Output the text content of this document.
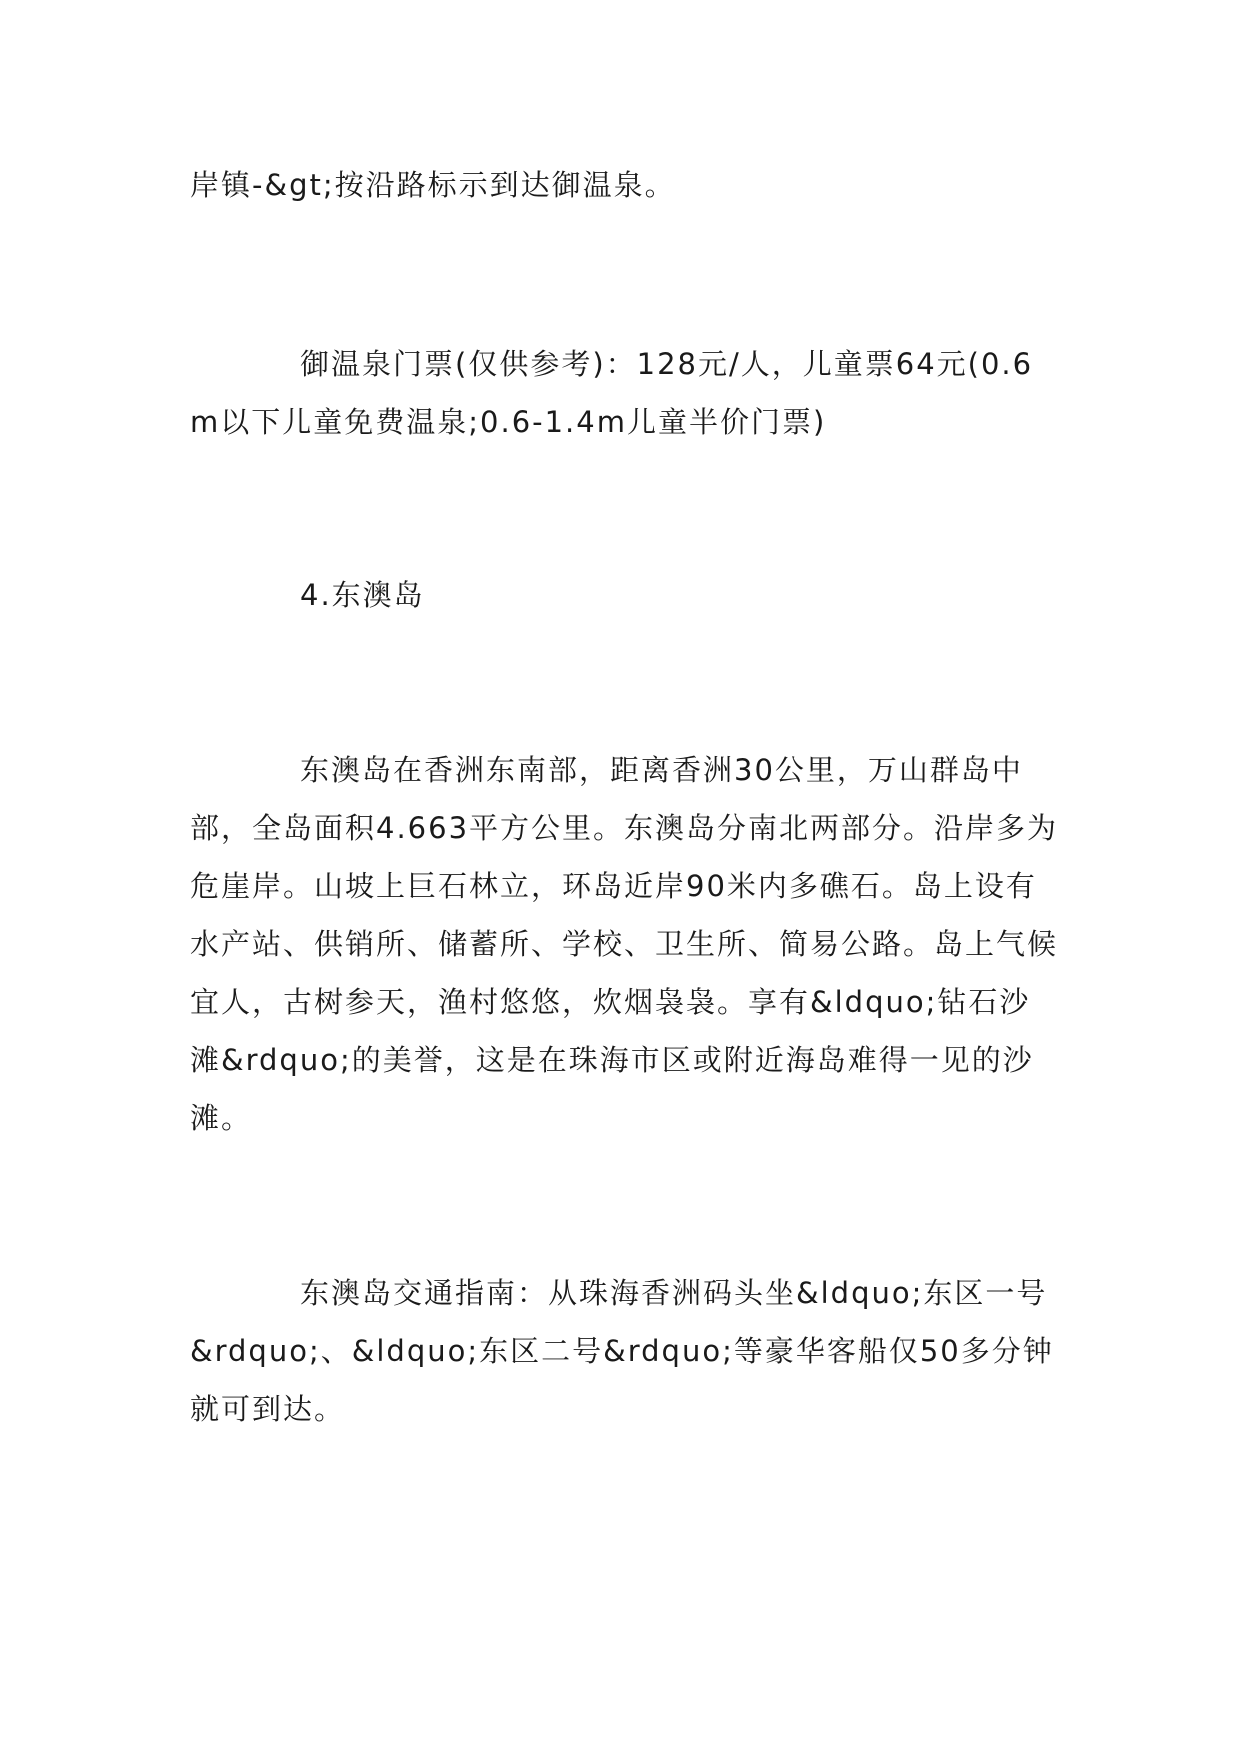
岸镇-&gt;按沿路标示到达御温泉。

御温泉门票(仅供参考)：128元/人，儿童票64元(0.6m以下儿童免费温泉;0.6-1.4m儿童半价门票)

4.东澳岛

东澳岛在香洲东南部，距离香洲30公里，万山群岛中部，全岛面积4.663平方公里。东澳岛分南北两部分。沿岸多为危崖岸。山坡上巨石林立，环岛近岸90米内多礁石。岛上设有水产站、供销所、储蓄所、学校、卫生所、简易公路。岛上气候宜人，古树参天，渔村悠悠，炊烟袅袅。享有&ldquo;钻石沙滩&rdquo;的美誉，这是在珠海市区或附近海岛难得一见的沙滩。

东澳岛交通指南：从珠海香洲码头坐&ldquo;东区一号&rdquo;、&ldquo;东区二号&rdquo;等豪华客船仅50多分钟就可到达。
